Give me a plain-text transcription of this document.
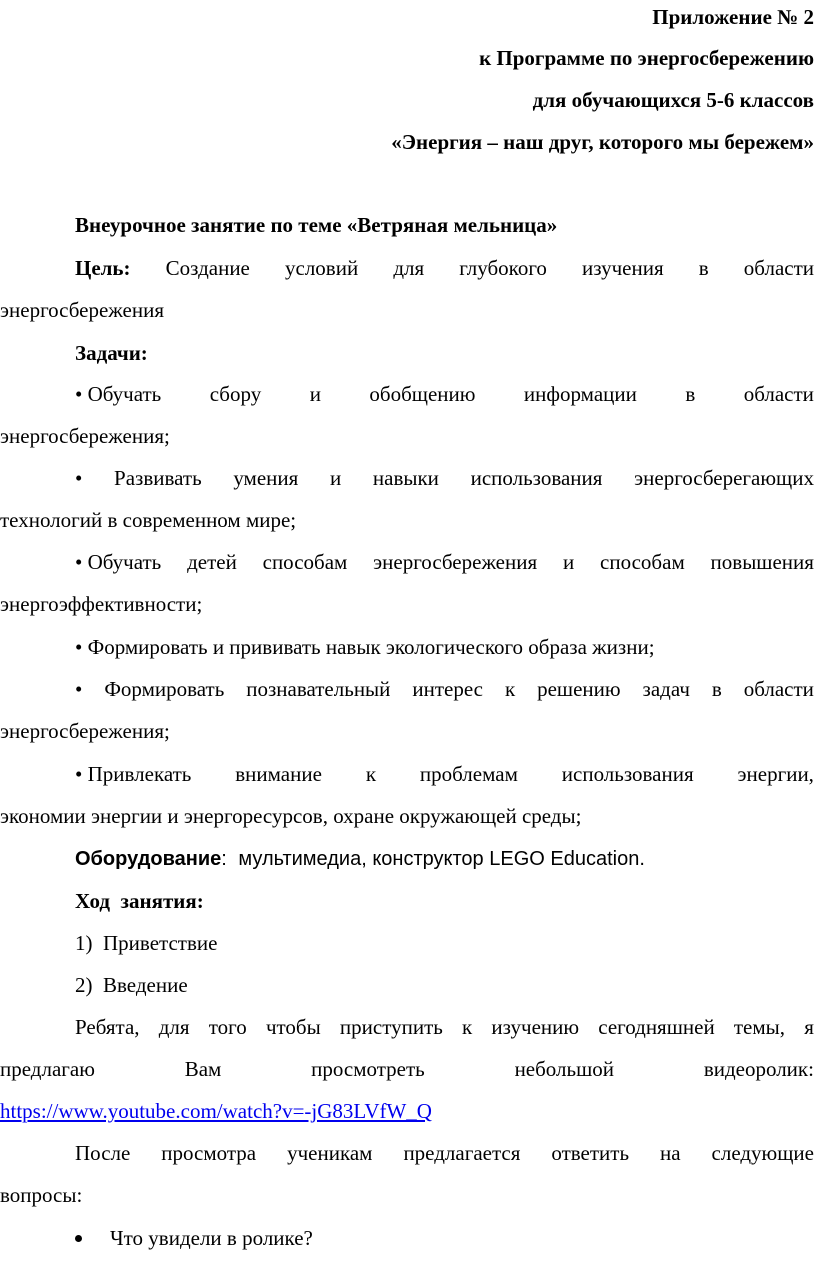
Приложение № 2
к Программе по энергосбережению
для обучающихся 5-6 классов
«Энергия – наш друг, которого мы бережем»
Внеурочное занятие по теме «Ветряная мельница»
Цель: Создание условий для глубокого изучения в области
энергосбережения
Задачи:
• Обучать сбору и обобщению информации в области
энергосбережения;
• Развивать умения и навыки использования энергосберегающих
технологий в современном мире;
• Обучать детей способам энергосбережения и способам повышения
энергоэффективности;
• Формировать и прививать навык экологического образа жизни;
• Формировать познавательный интерес к решению задач в области
энергосбережения;
• Привлекать внимание к проблемам использования энергии,
экономии энергии и энергоресурсов, охране окружающей среды;
Оборудование: мультимедиа, конструктор LEGO Education.
Ход  занятия:
1)  Приветствие
2)  Введение
Ребята, для того чтобы приступить к изучению сегодняшней темы, я
предлагаю	Вам	просмотреть	небольшой	видеоролик:
https://www.youtube.com/watch?v=-jG83LVfW_Q
После просмотра ученикам предлагается ответить на следующие
вопросы:
Что увидели в ролике?
